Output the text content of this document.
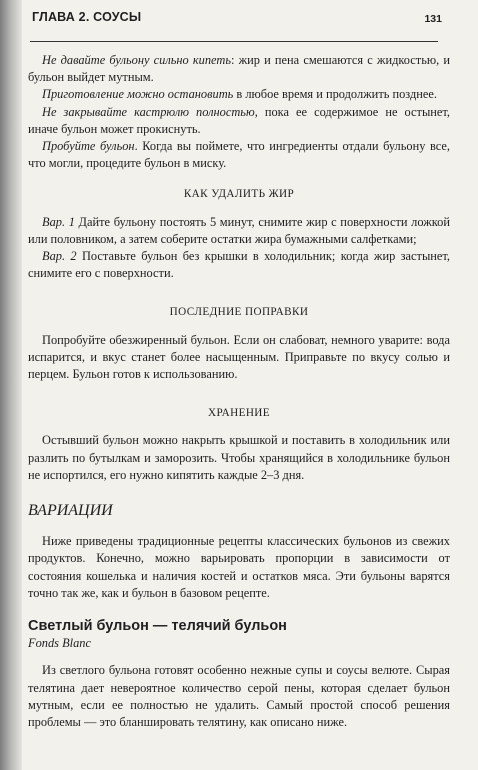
ГЛАВА 2. СОУСЫ	131

Не давайте бульону сильно кипеть: жир и пена смешаются с жидкостью, и бульон выйдет мутным.

Приготовление можно остановить в любое время и продолжить позднее.

Не закрывайте кастрюлю полностью, пока ее содержимое не остынет, иначе бульон может прокиснуть.

Пробуйте бульон. Когда вы поймете, что ингредиенты отдали бульону все, что могли, процедите бульон в миску.

КАК УДАЛИТЬ ЖИР

Вар. 1 Дайте бульону постоять 5 минут, снимите жир с поверхности ложкой или половником, а затем соберите остатки жира бумажными салфетками;

Вар. 2 Поставьте бульон без крышки в холодильник; когда жир застынет, снимите его с поверхности.

ПОСЛЕДНИЕ ПОПРАВКИ

Попробуйте обезжиренный бульон. Если он слабоват, немного уварите: вода испарится, и вкус станет более насыщенным. Приправьте по вкусу солью и перцем. Бульон готов к использованию.

ХРАНЕНИЕ

Остывший бульон можно накрыть крышкой и поставить в холодильник или разлить по бутылкам и заморозить. Чтобы хранящийся в холодильнике бульон не испортился, его нужно кипятить каждые 2–3 дня.

ВАРИАЦИИ

Ниже приведены традиционные рецепты классических бульонов из свежих продуктов. Конечно, можно варьировать пропорции в зависимости от состояния кошелька и наличия костей и остатков мяса. Эти бульоны варятся точно так же, как и бульон в базовом рецепте.

Светлый бульон — телячий бульон

Fonds Blanc

Из светлого бульона готовят особенно нежные супы и соусы велюте. Сырая телятина дает невероятное количество серой пены, которая сделает бульон мутным, если ее полностью не удалить. Самый простой способ решения проблемы — это бланшировать телятину, как описано ниже.
